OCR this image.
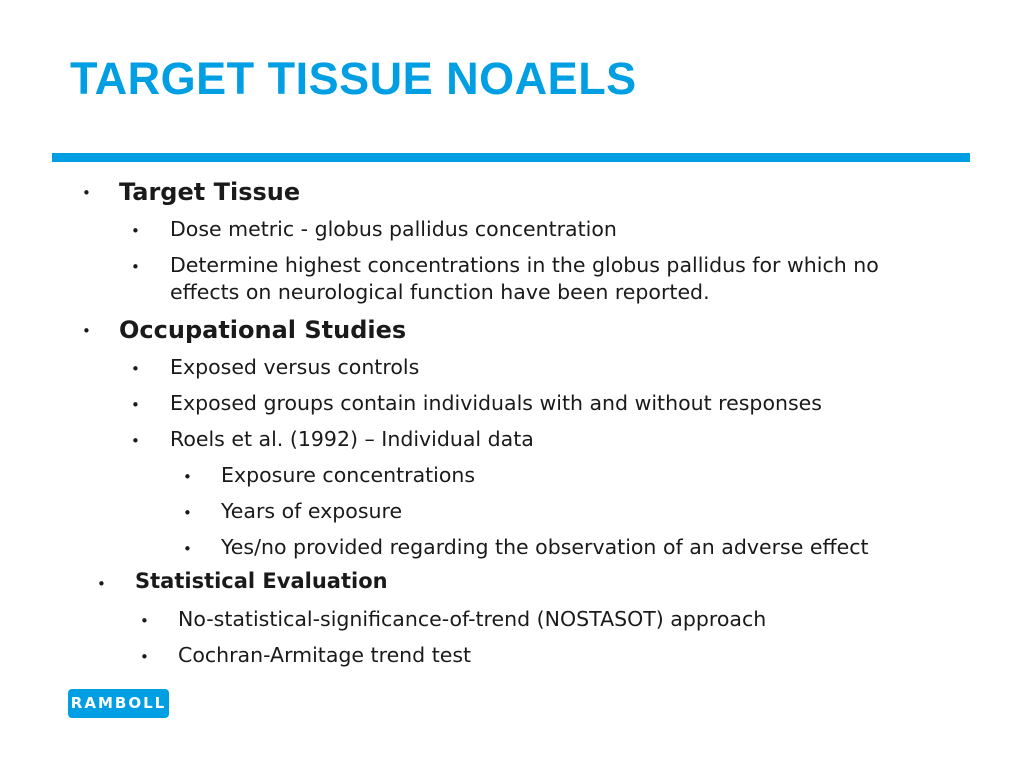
TARGET TISSUE NOAELS
• Target Tissue
• Dose metric - globus pallidus concentration
• Determine highest concentrations in the globus pallidus for which no effects on neurological function have been reported.
• Occupational Studies
• Exposed versus controls
• Exposed groups contain individuals with and without responses
• Roels et al. (1992) – Individual data
• Exposure concentrations
• Years of exposure
• Yes/no provided regarding the observation of an adverse effect
• Statistical Evaluation
• No-statistical-significance-of-trend (NOSTASOT) approach
• Cochran-Armitage trend test
RAMBOLL
